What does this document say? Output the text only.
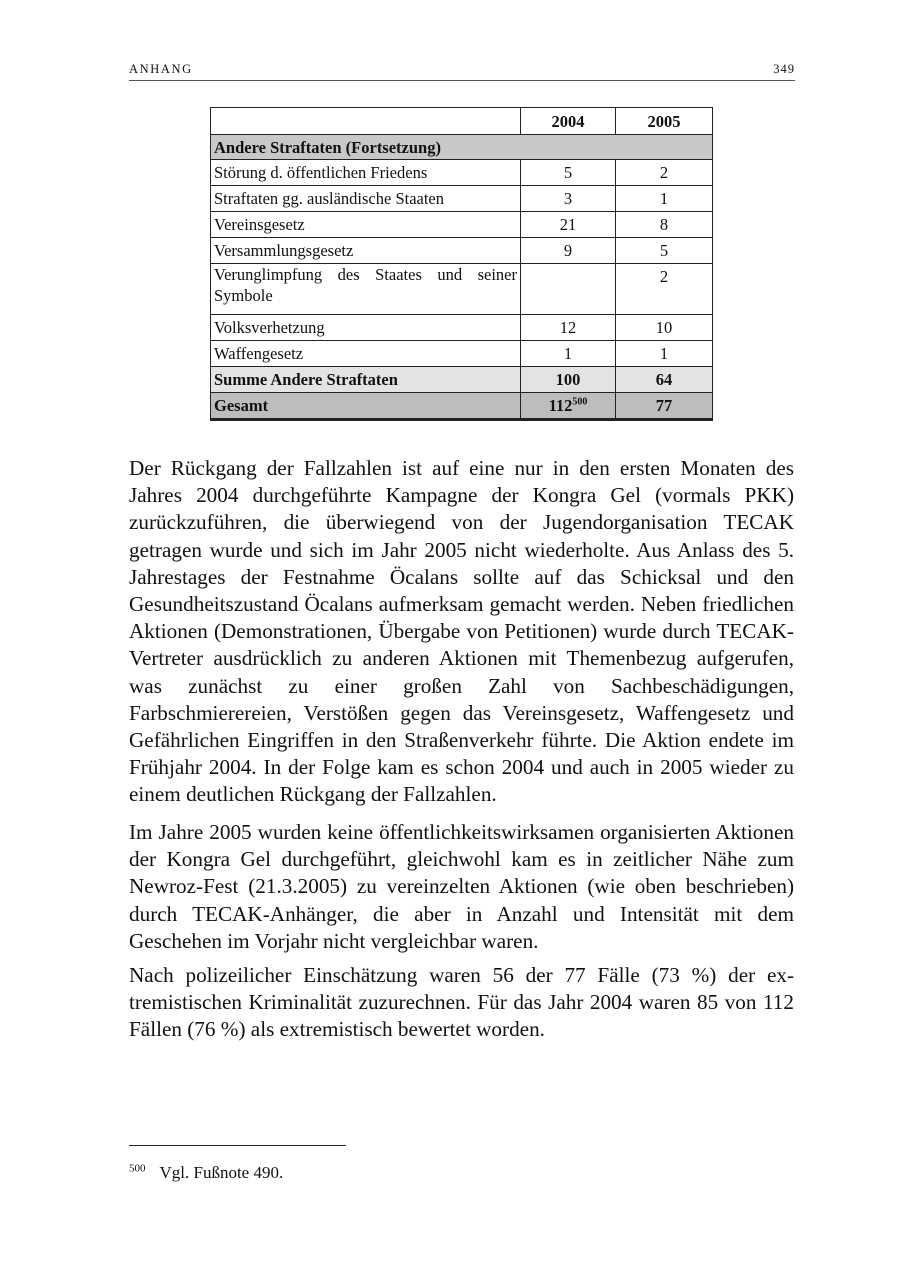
ANHANG	349
	2004	2005
Andere Straftaten (Fortsetzung)		
Störung d. öffentlichen Friedens	5	2
Straftaten gg. ausländische Staaten	3	1
Vereinsgesetz	21	8
Versammlungsgesetz	9	5

Verunglimpfung des Staates und seiner Symbole		2
Volksverhetzung	12	10
Waffengesetz	1	1
Summe Andere Straftaten	100	64
Gesamt	$112^{500}$	77

Der Rückgang der Fallzahlen ist auf eine nur in den ersten Monaten des Jahres 2004 durchgeführte Kampagne der Kongra Gel (vormals PKK) zurückzuführen, die überwiegend von der Jugendorganisation TECAK getragen wurde und sich im Jahr 2005 nicht wiederholte. Aus Anlass des 5. Jahrestages der Festnahme Öcalans sollte auf das Schicksal und den Gesundheitszustand Öcalans aufmerksam gemacht werden. Neben friedlichen Aktionen (Demonstrationen, Übergabe von Petitionen) wurde durch TECAK-Vertreter ausdrücklich zu anderen Aktionen mit Themenbezug aufgerufen, was zunächst zu einer großen Zahl von Sachbeschädigungen, Farbschmierereien, Verstößen gegen das Vereinsgesetz, Waffengesetz und Gefährlichen Eingriffen in den Straßenverkehr führte. Die Aktion endete im Frühjahr 2004. In der Folge kam es schon 2004 und auch in 2005 wieder zu einem deutlichen Rückgang der Fallzahlen.

Im Jahre 2005 wurden keine öffentlichkeitswirksamen organisierten Aktionen der Kongra Gel durchgeführt, gleichwohl kam es in zeitlicher Nähe zum Newroz-Fest (21.3.2005) zu vereinzelten Aktionen (wie oben beschrieben) durch TECAK-Anhänger, die aber in Anzahl und Intensität mit dem Geschehen im Vorjahr nicht vergleichbar waren.

Nach polizeilicher Einschätzung waren 56 der 77 Fälle (73 %) der extremistischen Kriminalität zuzurechnen. Für das Jahr 2004 waren 85 von 112 Fällen (76 %) als extremistisch bewertet worden.

$^{500}$ Vgl. Fußnote 490.
